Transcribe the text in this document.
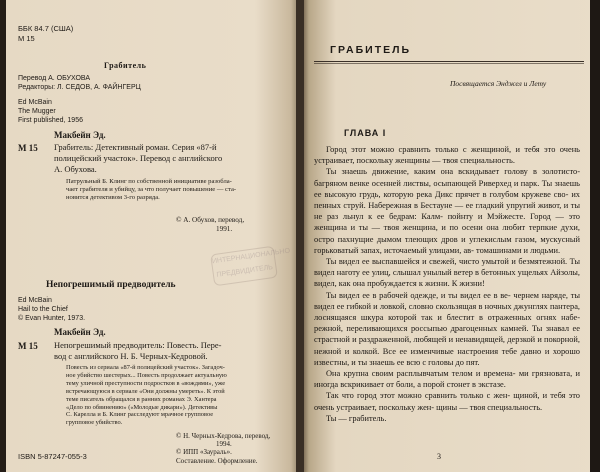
ББК 84.7 (США)
М 15
Грабитель
Перевод А. ОБУХОВА
Редакторы: Л. СЕДОВ, А. ФАЙНГЕРЦ
Ed McBain
The Mugger
First published, 1956
Макбейн Эд.
М 15 Грабитель: Детективный роман. Серия «87-й
полицейский участок». Перевод с английского
А. Обухова.
Патрульный Б. Клинг по собственной инициативе разобла-
чает грабителя и убийцу, за что получает повышение — ста-
новится детективом 3-го разряда.
© А. Обухов, перевод,
1991.
ИНТЕРНАЦИОНАЛЬНО ПРЕДВИДИТЕЛЬ
Непогрешимый предводитель
Ed McBain
Hail to the Chief
© Evan Hunter, 1973.
Макбейн Эд.
М 15 Непогрешимый предводитель: Повесть. Пере-
вод с английского Н. Б. Черных-Кедровой.
Повесть из сериала «87-й полицейский участок». Загадоч-
ное убийство шестерых... Повесть продолжает актуальную
тему уличной преступности подростков в «вождями», уже
встречающуюся в сериале «Они должны умереть». К этой
теме писатель обращался в ранних романах Э. Хантера
«Дело по обвинению» («Молодые дикари»). Детективы
С. Карелла и Б. Клинг расследуют мрачное групповое
групповое убийство.
© Н. Черных-Кедрова, перевод,
1994.
© ИПП «Заураль».
Составление. Оформление.
ISBN 5-87247-055-3
ГРАБИТЕЛЬ
Посвящается Энджел и Лету
ГЛАВА I

Город этот можно сравнить только с женщиной, и тебя это очень устраивает, поскольку женщины — твоя специальность.

Ты знаешь движение, каким она вскидывает голову в золотисто-багряном венке осенней листвы, осыпающей Риверхед и парк. Ты знаешь ее высокую грудь, которую река Дикс прячет в голубом кружеве сво- их пенных струй. Набережная в Бестауне — ее гладкий упругий живот, и ты не раз льнул к ее бедрам: Калм- пойнту и Мэйжесте. Город — это женщина и ты — твоя женщина, и по осени она любит терпкие духи, остро пахнущие дымом тлеющих дров и углекислым газом, мускусный горьковатый запах, источаемый улицами, ав- томашинами и людьми.

Ты видел ее выспавшейся и свежей, чисто умытой и безмятежной. Ты видел наготу ее улиц, слышал унылый ветер в бетонных ущельях Айзолы, видел, как она пробуждается к жизни. К жизни!

Ты видел ее в рабочей одежде, и ты видел ее в ве- чернем наряде, ты видел ее гибкой и ловкой, словно скользящая в ночных джунглях пантера, лоснящаяся шкура которой так и блестит в отраженных огнях набе- режной, переливающихся россыпью драгоценных камней. Ты знавал ее страстной и раздраженной, любящей и ненавидящей, дерзкой и покорной, нежной и колкой. Все ее изменчивые настроения тебе давно и хорошо известны, и ты знаешь ее всю с головы до пят.

Она крупна своим расплывчатым телом и времена- ми грязновата, и иногда вскрикивает от боли, а порой стонет в экстазе.

Так что город этот можно сравнить только с жен- щиной, и тебя это очень устраивает, поскольку жен- щины — твоя специальность.

Ты — грабитель.

3
